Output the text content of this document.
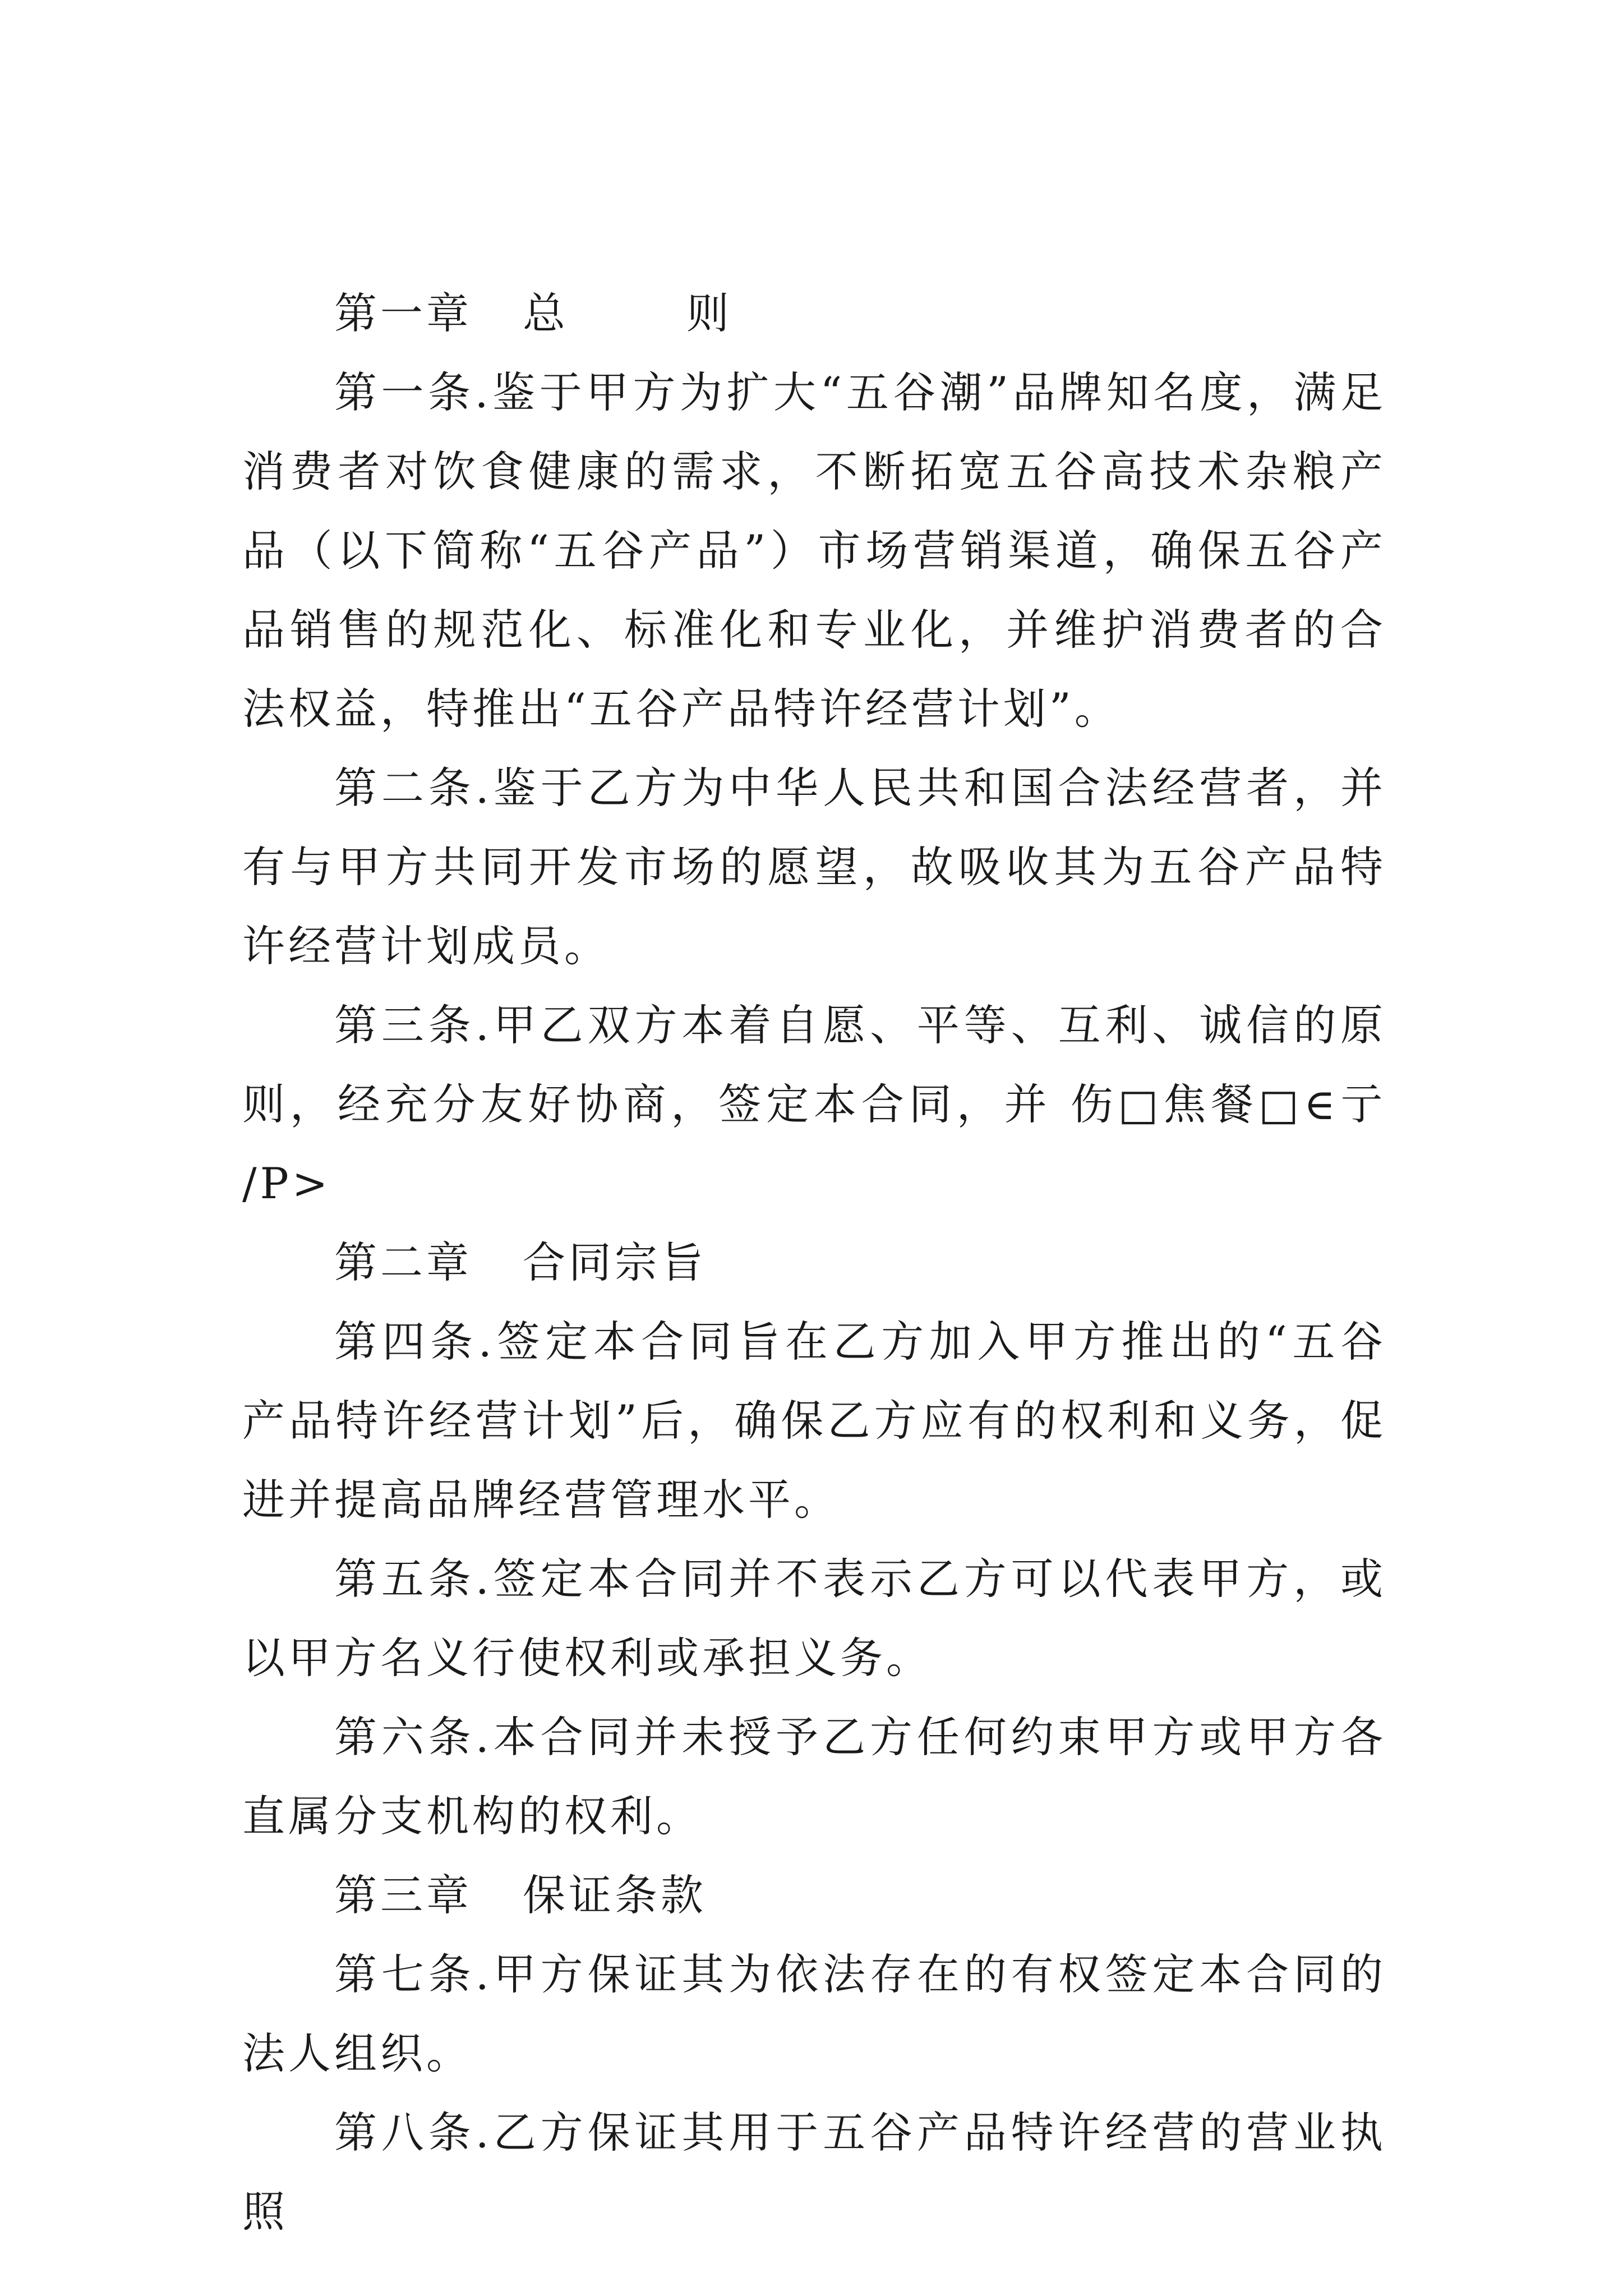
第一章 总	则

第一条.鉴于甲方为扩大“五谷潮”品牌知名度，满足消费者对饮食健康的需求，不断拓宽五谷高技术杂粮产品（以下简称“五谷产品”）市场营销渠道，确保五谷产品销售的规范化、标准化和专业化，并维护消费者的合法权益，特推出“五谷产品特许经营计划”。

第二条.鉴于乙方为中华人民共和国合法经营者，并有与甲方共同开发市场的愿望，故吸收其为五谷产品特许经营计划成员。

第三条.甲乙双方本着自愿、平等、互利、诚信的原则，经充分友好协商，签定本合同，并 伤□焦餐□∈亍 /P>

第二章 合同宗旨

第四条.签定本合同旨在乙方加入甲方推出的“五谷产品特许经营计划”后，确保乙方应有的权利和义务，促进并提高品牌经营管理水平。

第五条.签定本合同并不表示乙方可以代表甲方，或以甲方名义行使权利或承担义务。

第六条.本合同并未授予乙方任何约束甲方或甲方各直属分支机构的权利。

第三章 保证条款

第七条.甲方保证其为依法存在的有权签定本合同的法人组织。

第八条.乙方保证其用于五谷产品特许经营的营业执照
